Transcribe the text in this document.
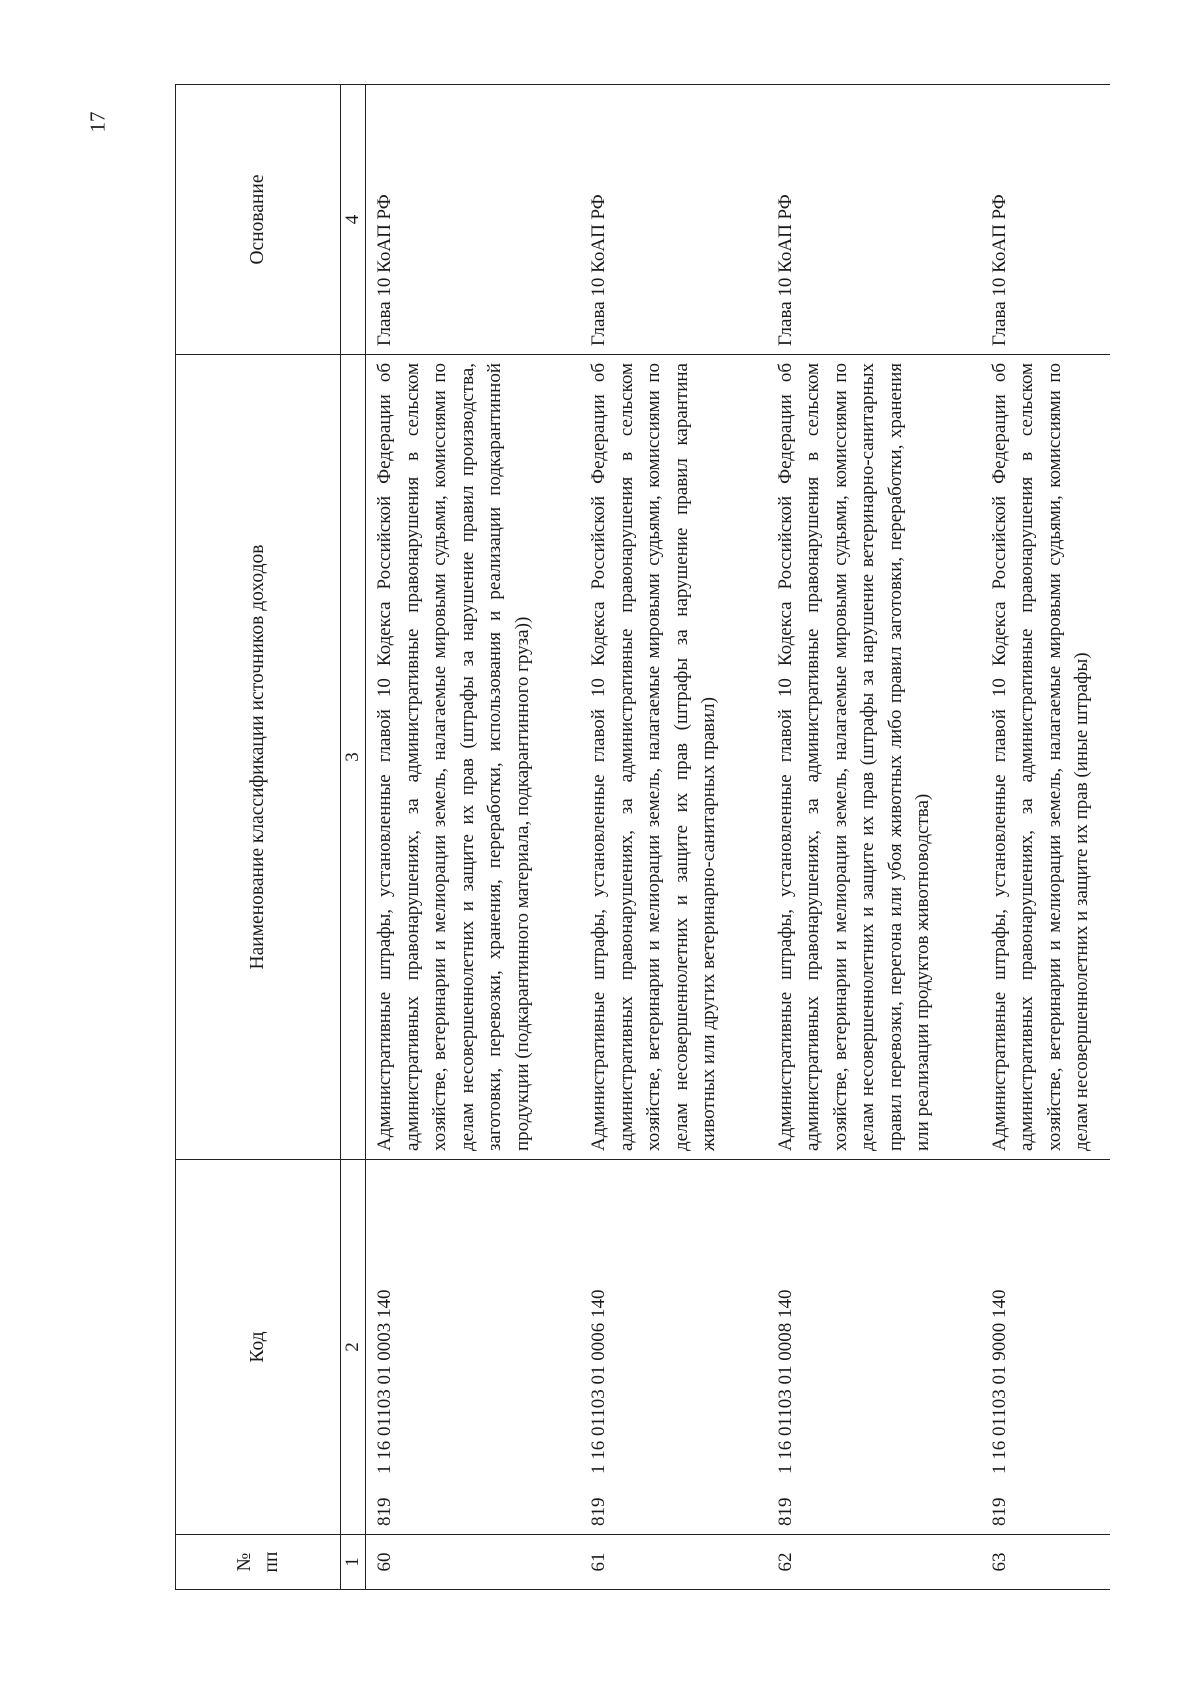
17
№ пп	Код	Наименование классификации источников доходов	Основание
1	2	3	4
60	8191 16 01103 01 0003 140	Административные штрафы, установленные главой 10 Кодекса Российской Федерации об административных правонарушениях, за административные правонарушения в сельском хозяйстве, ветеринарии и мелиорации земель, налагаемые мировыми судьями, комиссиями по делам несовершеннолетних и защите их прав (штрафы за нарушение правил производства, заготовки, перевозки, хранения, переработки, использования и реализации подкарантинной продукции (подкарантинного материала, подкарантинного груза))	Глава 10 КоАП РФ
61	8191 16 01103 01 0006 140	Административные штрафы, установленные главой 10 Кодекса Российской Федерации об административных правонарушениях, за административные правонарушения в сельском хозяйстве, ветеринарии и мелиорации земель, налагаемые мировыми судьями, комиссиями по делам несовершеннолетних и защите их прав (штрафы за нарушение правил карантина животных или других ветеринарно-санитарных правил)	Глава 10 КоАП РФ
62	8191 16 01103 01 0008 140	Административные штрафы, установленные главой 10 Кодекса Российской Федерации об административных правонарушениях, за административные правонарушения в сельском хозяйстве, ветеринарии и мелиорации земель, налагаемые мировыми судьями, комиссиями по делам несовершеннолетних и защите их прав (штрафы за нарушение ветеринарно-санитарных правил перевозки, перегона или убоя животных либо правил заготовки, переработки, хранения или реализации продуктов животноводства)	Глава 10 КоАП РФ
63	8191 16 01103 01 9000 140	Административные штрафы, установленные главой 10 Кодекса Российской Федерации об административных правонарушениях, за административные правонарушения в сельском хозяйстве, ветеринарии и мелиорации земель, налагаемые мировыми судьями, комиссиями по делам несовершеннолетних и защите их прав (иные штрафы)	Глава 10 КоАП РФ
